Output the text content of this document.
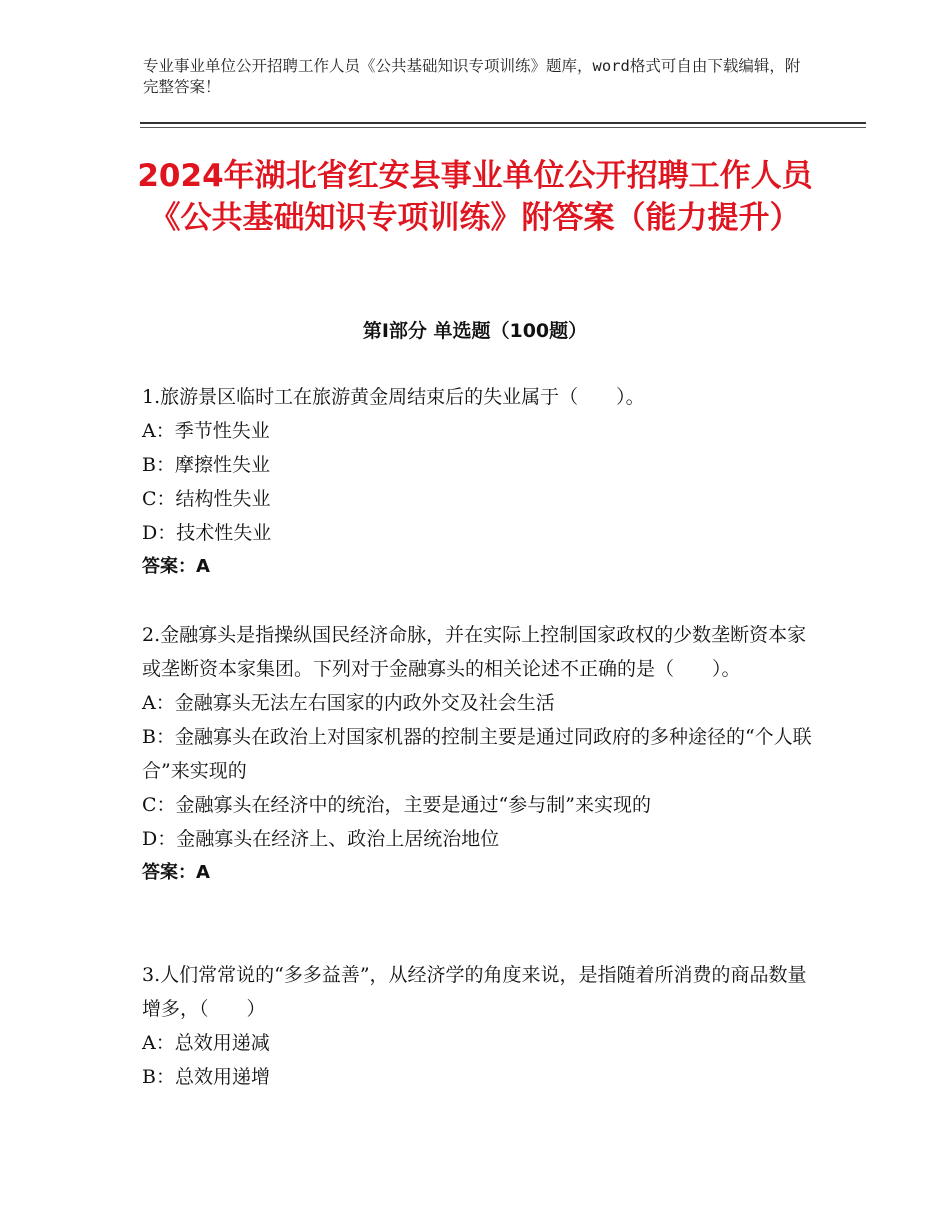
专业事业单位公开招聘工作人员《公共基础知识专项训练》题库，word格式可自由下载编辑，附完整答案！
2024年湖北省红安县事业单位公开招聘工作人员《公共基础知识专项训练》附答案（能力提升）
第Ⅰ部分 单选题（100题）

1.旅游景区临时工在旅游黄金周结束后的失业属于（　　）。

A：季节性失业

B：摩擦性失业

C：结构性失业

D：技术性失业

答案：A

2.金融寡头是指操纵国民经济命脉，并在实际上控制国家政权的少数垄断资本家或垄断资本家集团。下列对于金融寡头的相关论述不正确的是（　　）。

A：金融寡头无法左右国家的内政外交及社会生活

B：金融寡头在政治上对国家机器的控制主要是通过同政府的多种途径的“个人联合”来实现的

C：金融寡头在经济中的统治，主要是通过“参与制”来实现的

D：金融寡头在经济上、政治上居统治地位

答案：A

3.人们常常说的“多多益善”，从经济学的角度来说，是指随着所消费的商品数量增多，（　　）

A：总效用递减

B：总效用递增
